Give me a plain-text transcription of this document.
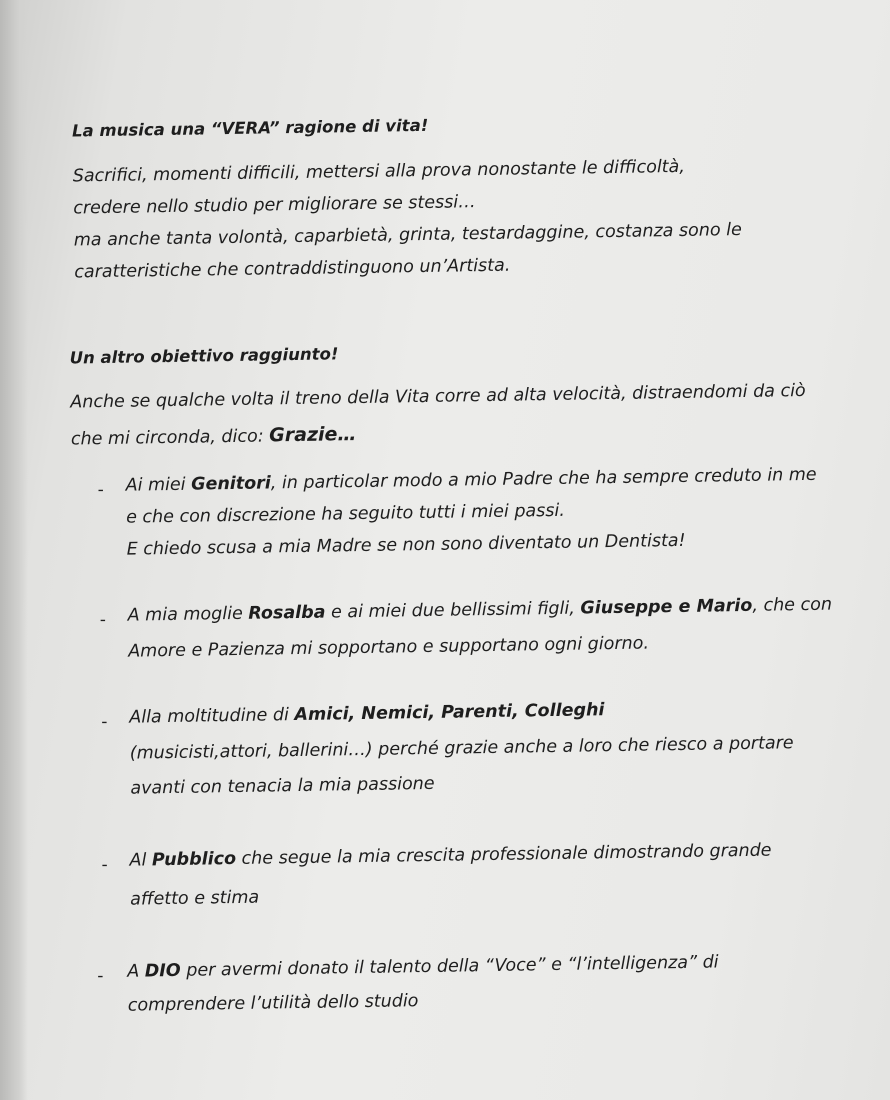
La musica una “VERA” ragione di vita!
Sacrifici, momenti difficili, mettersi alla prova nonostante le difficoltà,
credere nello studio per migliorare se stessi…
ma anche tanta volontà, caparbietà, grinta, testardaggine, costanza sono le
caratteristiche che contraddistinguono un’Artista.
Un altro obiettivo raggiunto!
Anche se qualche volta il treno della Vita corre ad alta velocità, distraendomi da ciò
che mi circonda, dico: Grazie…
- Ai miei Genitori, in particolar modo a mio Padre che ha sempre creduto in me
e che con discrezione ha seguito tutti i miei passi.
E chiedo scusa a mia Madre se non sono diventato un Dentista!
- A mia moglie Rosalba e ai miei due bellissimi figli, Giuseppe e Mario, che con
Amore e Pazienza mi sopportano e supportano ogni giorno.
- Alla moltitudine di Amici, Nemici, Parenti, Colleghi
(musicisti,attori, ballerini…) perché grazie anche a loro che riesco a portare
avanti con tenacia la mia passione
- Al Pubblico che segue la mia crescita professionale dimostrando grande
affetto e stima
- A DIO per avermi donato il talento della “Voce” e “l’intelligenza” di
comprendere l’utilità dello studio
